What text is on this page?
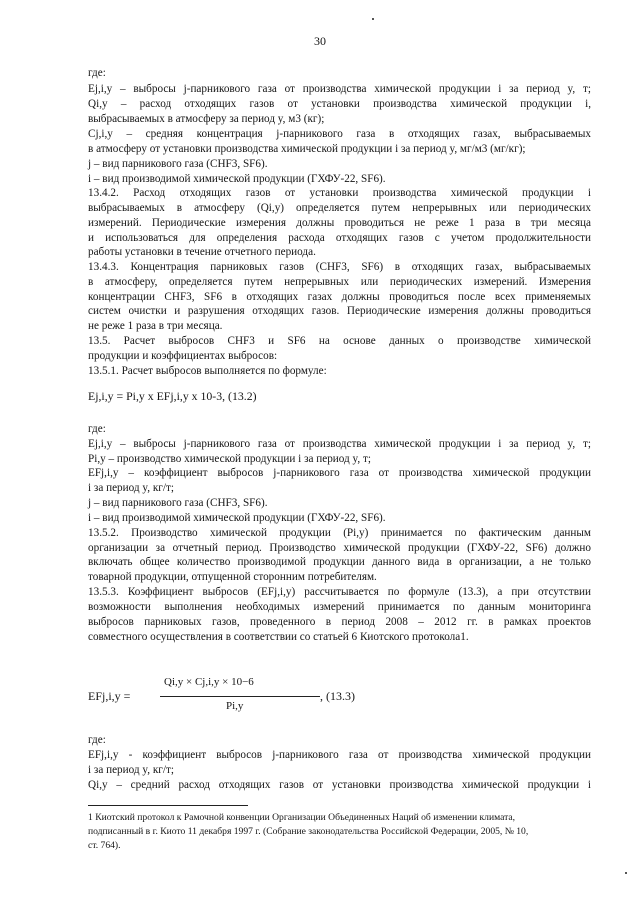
30

где:

Ej,i,y – выбросы j-парникового газа от производства химической продукции i за период y, т;

Qi,y – расход отходящих газов от установки производства химической продукции i,

выбрасываемых в атмосферу за период y, м3 (кг);

Cj,i,y – средняя концентрация j-парникового газа в отходящих газах, выбрасываемых

в атмосферу от установки производства химической продукции i за период y, мг/м3 (мг/кг);

j – вид парникового газа (CHF3, SF6).

i – вид производимой химической продукции (ГХФУ-22, SF6).

13.4.2. Расход отходящих газов от установки производства химической продукции i

выбрасываемых в атмосферу (Qi,y) определяется путем непрерывных или периодических

измерений. Периодические измерения должны проводиться не реже 1 раза в три месяца

и использоваться для определения расхода отходящих газов с учетом продолжительности

работы установки в течение отчетного периода.

13.4.3. Концентрация парниковых газов (CHF3, SF6) в отходящих газах, выбрасываемых

в атмосферу, определяется путем непрерывных или периодических измерений. Измерения

концентрации CHF3, SF6 в отходящих газах должны проводиться после всех применяемых

систем очистки и разрушения отходящих газов. Периодические измерения должны проводиться

не реже 1 раза в три месяца.

13.5. Расчет выбросов CHF3 и SF6 на основе данных о производстве химической

продукции и коэффициентах выбросов:

13.5.1. Расчет выбросов выполняется по формуле:

где:

Ej,i,y – выбросы j-парникового газа от производства химической продукции i за период y, т;

Pi,y – производство химической продукции i за период y, т;

EFj,i,y – коэффициент выбросов j-парникового газа от производства химической продукции

i за период y, кг/т;

j – вид парникового газа (CHF3, SF6).

i – вид производимой химической продукции (ГХФУ-22, SF6).

13.5.2. Производство химической продукции (Pi,y) принимается по фактическим данным

организации за отчетный период. Производство химической продукции (ГХФУ-22, SF6) должно

включать общее количество производимой продукции данного вида в организации, а не только

товарной продукции, отпущенной сторонним потребителям.

13.5.3. Коэффициент выбросов (EFj,i,y) рассчитывается по формуле (13.3), а при отсутствии

возможности выполнения необходимых измерений принимается по данным мониторинга

выбросов парниковых газов, проведенного в период 2008 – 2012 гг. в рамках проектов

совместного осуществления в соответствии со статьей 6 Киотского протокола1.

где:

EFj,i,y - коэффициент выбросов j-парникового газа от производства химической продукции

i за период y, кг/т;

Qi,y – средний расход отходящих газов от установки производства химической продукции i

Ej,i,y = Pi,y x EFj,i,y x 10-3, (13.2)
EFj,i,y =
Qi,y × Cj,i,y × 10−6
Pi,y
, (13.3)

1 Киотский протокол к Рамочной конвенции Организации Объединенных Наций об изменении климата,

подписанный в г. Киото 11 декабря 1997 г. (Собрание законодательства Российской Федерации, 2005, № 10,

ст. 764).
